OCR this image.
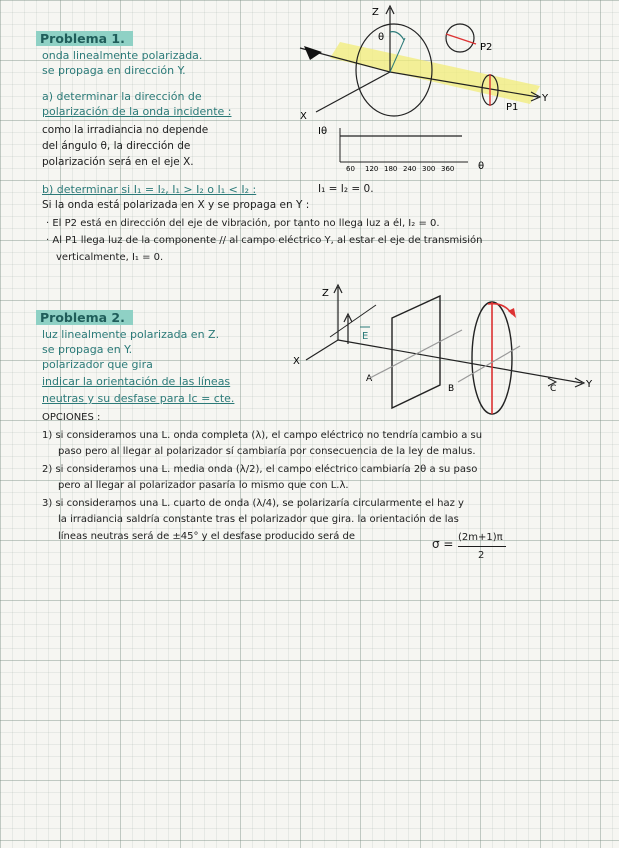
Problema 1.
onda linealmente polarizada.
se propaga en dirección Y.
a) determinar la dirección de
polarización de la onda incidente :
como la irradiancia no depende
del ángulo θ, la dirección de
polarización será en el eje X.
b) determinar si I₁ = I₂, I₁ > I₂ o I₁ < I₂ :	I₁ = I₂ = 0.
Si la onda está polarizada en X y se propaga en Y :
· El P2 está en dirección del eje de vibración, por tanto no llega luz a él, I₂ = 0.
· Al P1 llega luz de la componente // al campo eléctrico Y, al estar el eje de transmisión
verticalmente, I₁ = 0.
Z
Y
X
θ
P2
P1
Iθ
θ
60 120 180 240 300 360
Problema 2.
luz linealmente polarizada en Z.
se propaga en Y.
polarizador que gira
indicar la orientación de las líneas
neutras y su desfase para Ic = cte.
OPCIONES :
1) si consideramos una L. onda completa (λ), el campo eléctrico no tendría cambio a su
paso pero al llegar al polarizador sí cambiaría por consecuencia de la ley de malus.
2) si consideramos una L. media onda (λ/2), el campo eléctrico cambiaría 2θ a su paso
pero al llegar al polarizador pasaría lo mismo que con L.λ.
3) si consideramos una L. cuarto de onda (λ/4), se polarizaría circularmente el haz y
la irradiancia saldría constante tras el polarizador que gira. la orientación de las
líneas neutras será de ±45° y el desfase producido será de
σ = (2m+1)π
2
Z
X
Y
E
A
B	C
